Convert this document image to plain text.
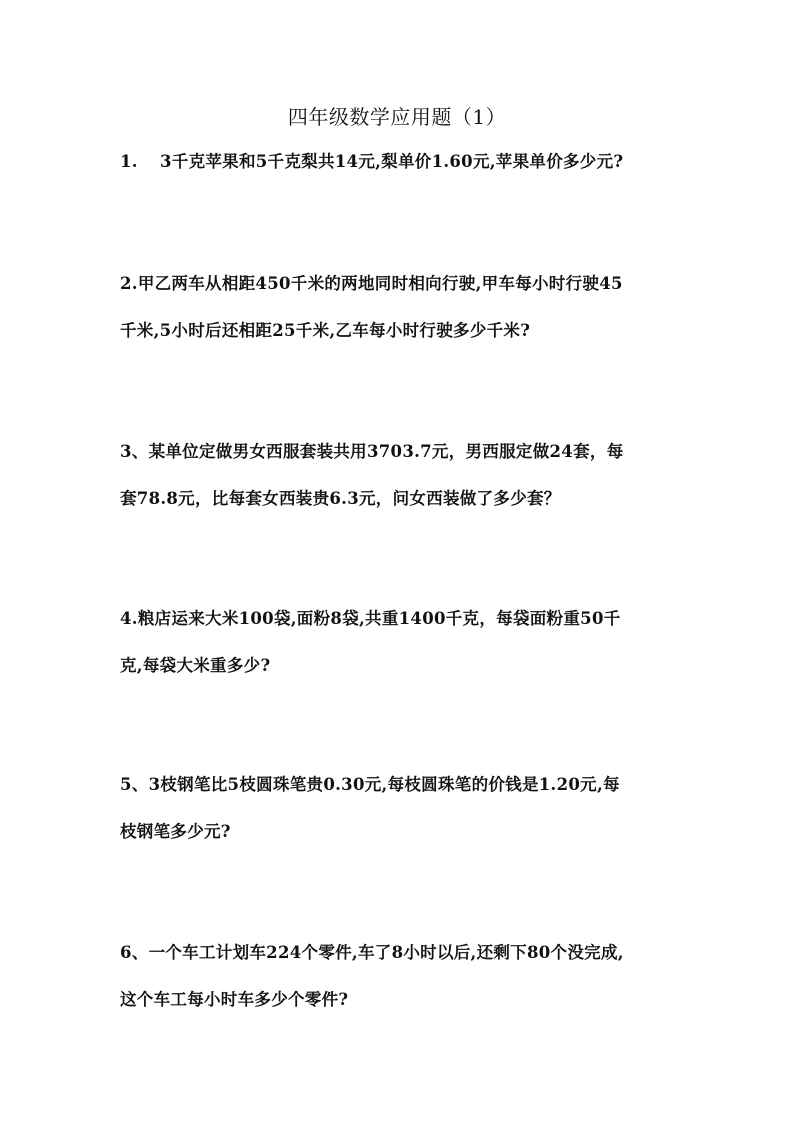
四年级数学应用题（1）
1. 3千克苹果和5千克梨共14元,梨单价1.60元,苹果单价多少元?
2.甲乙两车从相距450千米的两地同时相向行驶,甲车每小时行驶45
千米,5小时后还相距25千米,乙车每小时行驶多少千米?
3、某单位定做男女西服套装共用3703.7元，男西服定做24套，每
套78.8元，比每套女西装贵6.3元，问女西装做了多少套？
4.粮店运来大米100袋,面粉8袋,共重1400千克，每袋面粉重50千
克,每袋大米重多少?
5、3枝钢笔比5枝圆珠笔贵0.30元,每枝圆珠笔的价钱是1.20元,每
枝钢笔多少元?
6、一个车工计划车224个零件,车了8小时以后,还剩下80个没完成,
这个车工每小时车多少个零件?
